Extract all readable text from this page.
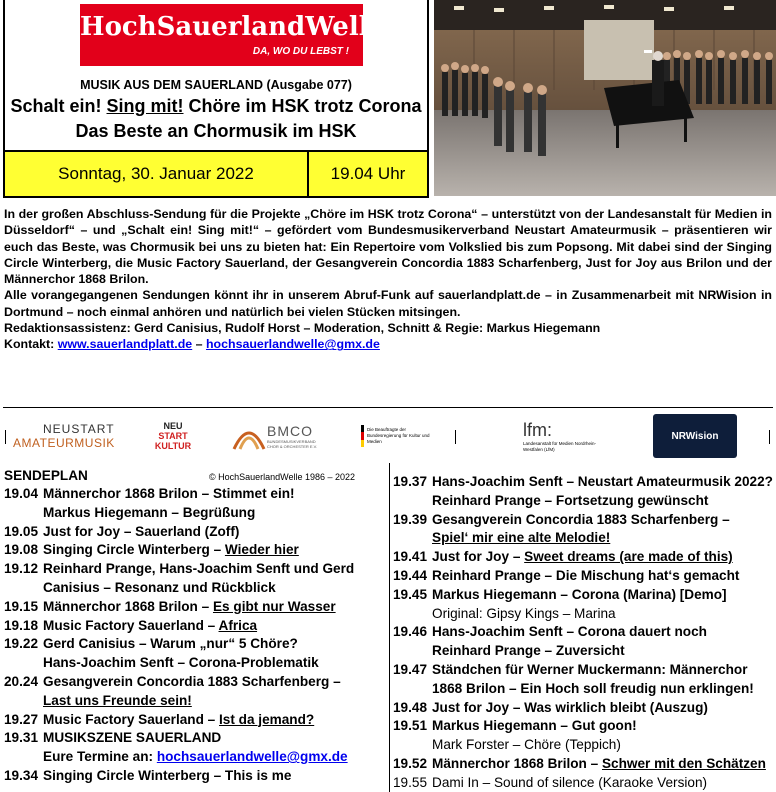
HochSauerlandWelle
DA, WO DU LEBST !
MUSIK AUS DEM SAUERLAND (Ausgabe 077)
Schalt ein! Sing mit! Chöre im HSK trotz Corona
Das Beste an Chormusik im HSK
Sonntag, 30. Januar 2022	19.04 Uhr

In der großen Abschluss-Sendung für die Projekte „Chöre im HSK trotz Corona“ – unterstützt von der Landesanstalt für Medien in Düsseldorf“ – und „Schalt ein! Sing mit!“ – gefördert vom Bundesmusikerverband Neustart Amateurmusik – präsentieren wir euch das Beste, was Chormusik bei uns zu bieten hat: Ein Repertoire vom Volkslied bis zum Popsong. Mit dabei sind der Singing Circle Winterberg, die Music Factory Sauerland, der Gesangverein Concordia 1883 Scharfenberg, Just for Joy aus Brilon und der Männerchor 1868 Brilon.

Alle vorangegangenen Sendungen könnt ihr in unserem Abruf-Funk auf sauerlandplatt.de – in Zusammenarbeit mit NRWision in Dortmund – noch einmal anhören und natürlich bei vielen Stücken mitsingen.

Redaktionsassistenz: Gerd Canisius, Rudolf Horst – Moderation, Schnitt & Regie: Markus Hiegemann

Kontakt: www.sauerlandplatt.de – hochsauerlandwelle@gmx.de

NEUSTART
AMATEURMUSIK
NEU
START
KULTUR
BMCO
BUNDESMUSIKVERBAND CHOR & ORCHESTER E.V.
Die Beauftragte der Bundesregierung für Kultur und Medien
lfm:
Landesanstalt für Medien Nordrhein-Westfalen (LfM)
NRWision
SENDEPLAN	© HochSauerlandWelle 1986 – 2022
19.04 Männerchor 1868 Brilon – Stimmet ein!
Markus Hiegemann – Begrüßung
19.05 Just for Joy – Sauerland (Zoff)
19.08 Singing Circle Winterberg – Wieder hier
19.12 Reinhard Prange, Hans-Joachim Senft und Gerd
Canisius – Resonanz und Rückblick
19.15 Männerchor 1868 Brilon – Es gibt nur Wasser
19.18 Music Factory Sauerland – Africa
19.22 Gerd Canisius – Warum „nur“ 5 Chöre?
Hans-Joachim Senft – Corona-Problematik
20.24 Gesangverein Concordia 1883 Scharfenberg –
Last uns Freunde sein!
19.27 Music Factory Sauerland – Ist da jemand?
19.31 MUSIKSZENE SAUERLAND
Eure Termine an: hochsauerlandwelle@gmx.de
19.34 Singing Circle Winterberg – This is me
19.37 Hans-Joachim Senft – Neustart Amateurmusik 2022?
Reinhard Prange – Fortsetzung gewünscht
19.39 Gesangverein Concordia 1883 Scharfenberg –
Spiel‘ mir eine alte Melodie!
19.41 Just for Joy – Sweet dreams (are made of this)
19.44 Reinhard Prange – Die Mischung hat‘s gemacht
19.45 Markus Hiegemann – Corona (Marina) [Demo]
Original: Gipsy Kings – Marina
19.46 Hans-Joachim Senft – Corona dauert noch
Reinhard Prange – Zuversicht
19.47 Ständchen für Werner Muckermann: Männerchor
1868 Brilon – Ein Hoch soll freudig nun erklingen!
19.48 Just for Joy – Was wirklich bleibt (Auszug)
19.51 Markus Hiegemann – Gut goon!
Mark Forster – Chöre (Teppich)
19.52 Männerchor 1868 Brilon – Schwer mit den Schätzen
19.55 Dami In – Sound of silence (Karaoke Version)
